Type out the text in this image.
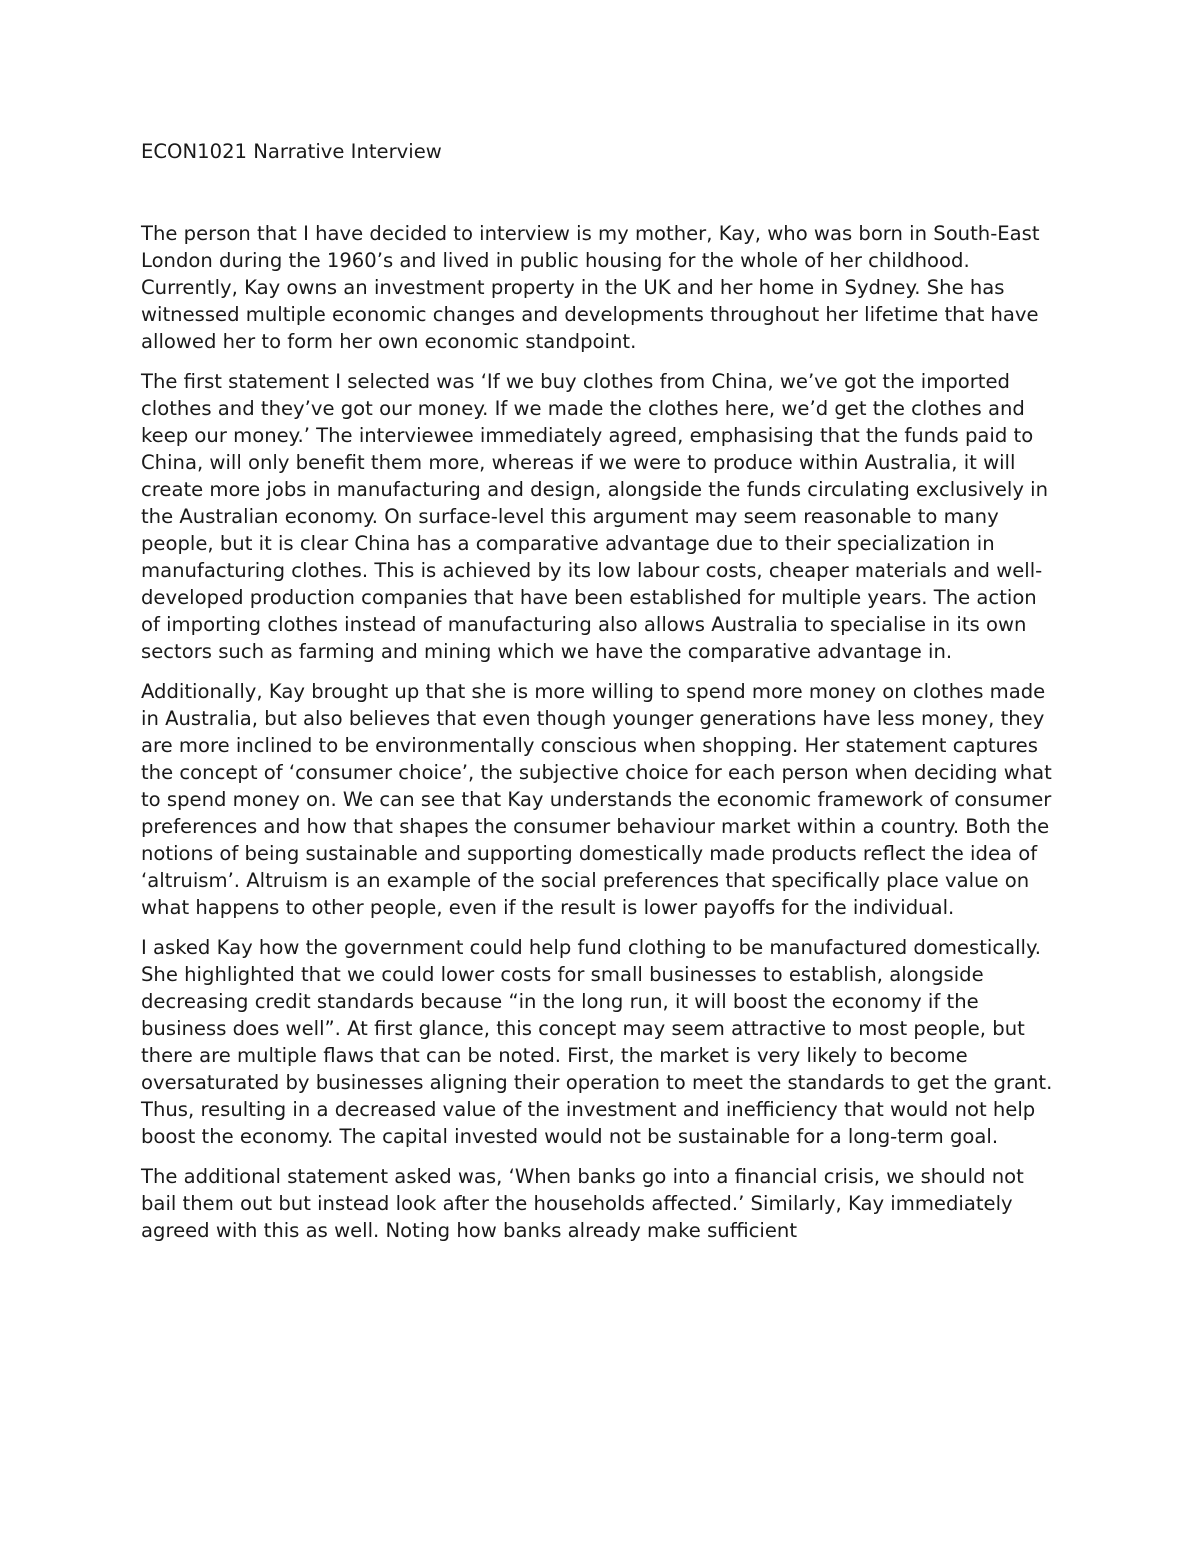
ECON1021 Narrative Interview

The person that I have decided to interview is my mother, Kay, who was born in South-East London during the 1960’s and lived in public housing for the whole of her childhood. Currently, Kay owns an investment property in the UK and her home in Sydney. She has witnessed multiple economic changes and developments throughout her lifetime that have allowed her to form her own economic standpoint.

The first statement I selected was ‘If we buy clothes from China, we’ve got the imported clothes and they’ve got our money. If we made the clothes here, we’d get the clothes and keep our money.’ The interviewee immediately agreed, emphasising that the funds paid to China, will only benefit them more, whereas if we were to produce within Australia, it will create more jobs in manufacturing and design, alongside the funds circulating exclusively in the Australian economy. On surface-level this argument may seem reasonable to many people, but it is clear China has a comparative advantage due to their specialization in manufacturing clothes. This is achieved by its low labour costs, cheaper materials and well-developed production companies that have been established for multiple years. The action of importing clothes instead of manufacturing also allows Australia to specialise in its own sectors such as farming and mining which we have the comparative advantage in.

Additionally, Kay brought up that she is more willing to spend more money on clothes made in Australia, but also believes that even though younger generations have less money, they are more inclined to be environmentally conscious when shopping. Her statement captures the concept of ‘consumer choice’, the subjective choice for each person when deciding what to spend money on. We can see that Kay understands the economic framework of consumer preferences and how that shapes the consumer behaviour market within a country. Both the notions of being sustainable and supporting domestically made products reflect the idea of ‘altruism’. Altruism is an example of the social preferences that specifically place value on what happens to other people, even if the result is lower payoffs for the individual.

I asked Kay how the government could help fund clothing to be manufactured domestically. She highlighted that we could lower costs for small businesses to establish, alongside decreasing credit standards because “in the long run, it will boost the economy if the business does well”. At first glance, this concept may seem attractive to most people, but there are multiple flaws that can be noted. First, the market is very likely to become oversaturated by businesses aligning their operation to meet the standards to get the grant. Thus, resulting in a decreased value of the investment and inefficiency that would not help boost the economy. The capital invested would not be sustainable for a long-term goal.

The additional statement asked was, ‘When banks go into a financial crisis, we should not bail them out but instead look after the households affected.’ Similarly, Kay immediately agreed with this as well. Noting how banks already make sufficient
